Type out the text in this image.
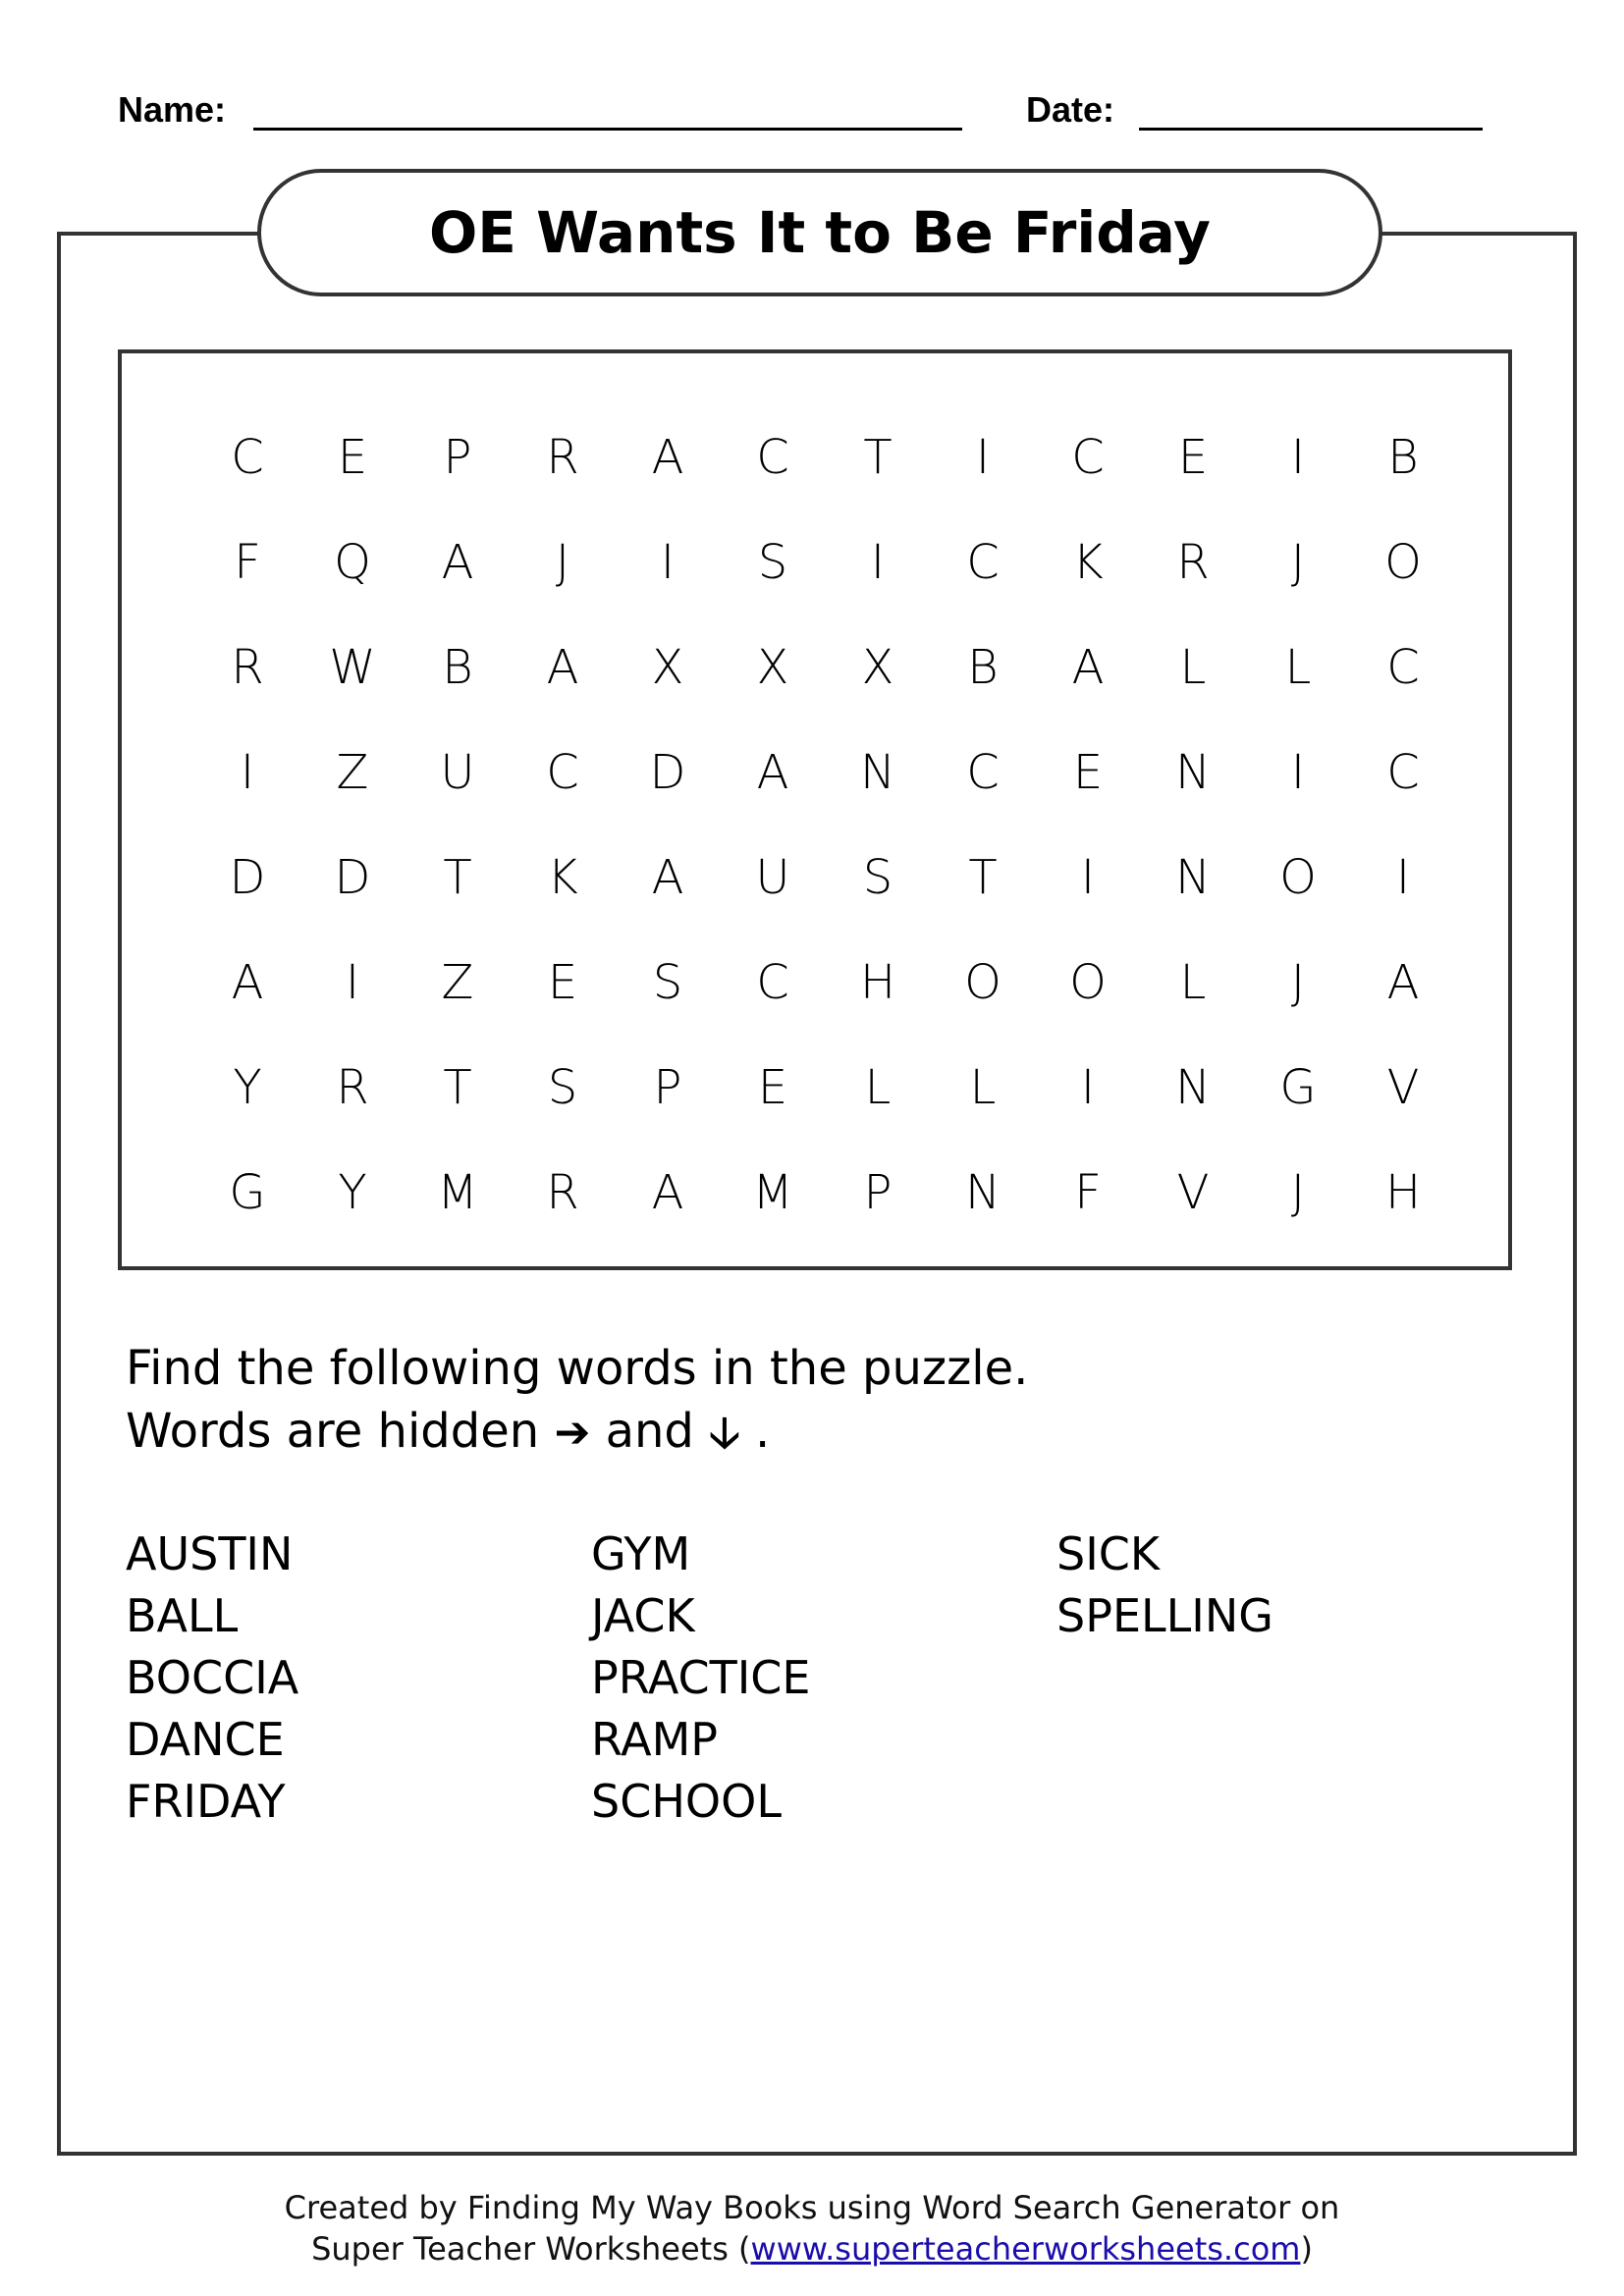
Name:	Date:
OE Wants It to Be Friday
C	E	P	R	A	C	T	I	C	E	I	B
F	Q	A	J	I	S	I	C	K	R	J	O
R	W	B	A	X	X	X	B	A	L	L	C
I	Z	U	C	D	A	N	C	E	N	I	C
D	D	T	K	A	U	S	T	I	N	O	I
A	I	Z	E	S	C	H	O	O	L	J	A
Y	R	T	S	P	E	L	L	I	N	G	V
G	Y	M	R	A	M	P	N	F	V	J	H
Find the following words in the puzzle.
Words are hidden ➔ and 🡣 .
AUSTIN
BALL
BOCCIA
DANCE
FRIDAY
GYM
JACK
PRACTICE
RAMP
SCHOOL
SICK
SPELLING
Created by Finding My Way Books using Word Search Generator on
Super Teacher Worksheets (www.superteacherworksheets.com)
